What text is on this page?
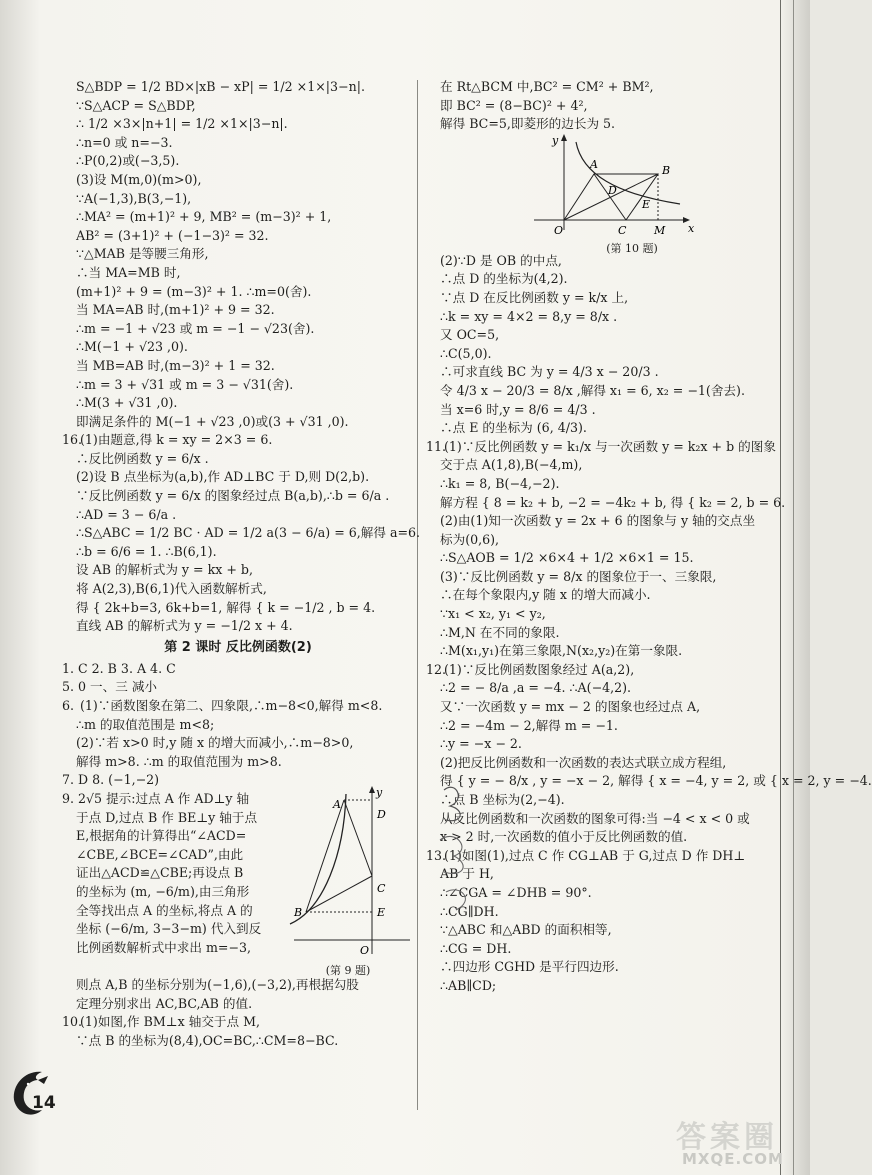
S△BDP = 1/2 BD×|xB − xP| = 1/2 ×1×|3−n|.
∵S△ACP = S△BDP,
∴ 1/2 ×3×|n+1| = 1/2 ×1×|3−n|.
∴n=0 或 n=−3.
∴P(0,2)或(−3,5).
(3)设 M(m,0)(m>0),
∵A(−1,3),B(3,−1),
∴MA² = (m+1)² + 9, MB² = (m−3)² + 1,
AB² = (3+1)² + (−1−3)² = 32.
∵△MAB 是等腰三角形,
∴当 MA=MB 时,
(m+1)² + 9 = (m−3)² + 1. ∴m=0(舍).
当 MA=AB 时,(m+1)² + 9 = 32.
∴m = −1 + √23 或 m = −1 − √23(舍).
∴M(−1 + √23 ,0).
当 MB=AB 时,(m−3)² + 1 = 32.
∴m = 3 + √31 或 m = 3 − √31(舍).
∴M(3 + √31 ,0).
即满足条件的 M(−1 + √23 ,0)或(3 + √31 ,0).
16.(1)由题意,得 k = xy = 2×3 = 6.
∴反比例函数 y = 6/x .
(2)设 B 点坐标为(a,b),作 AD⊥BC 于 D,则 D(2,b).
∵反比例函数 y = 6/x 的图象经过点 B(a,b),∴b = 6/a .
∴AD = 3 − 6/a .
∴S△ABC = 1/2 BC · AD = 1/2 a(3 − 6/a) = 6,解得 a=6.
∴b = 6/6 = 1. ∴B(6,1).
设 AB 的解析式为 y = kx + b,
将 A(2,3),B(6,1)代入函数解析式,
得 { 2k+b=3, 6k+b=1, 解得 { k = −1/2 , b = 4.
直线 AB 的解析式为 y = −1/2 x + 4.
第 2 课时 反比例函数(2)
1. C 2. B 3. A 4. C
5. 0 一、三 减小
6. (1)∵函数图象在第二、四象限,∴m−8<0,解得 m<8.
∴m 的取值范围是 m<8;
(2)∵若 x>0 时,y 随 x 的增大而减小,∴m−8>0,
解得 m>8. ∴m 的取值范围为 m>8.
7. D 8. (−1,−2)
9. 2√5 提示:过点 A 作 AD⊥y 轴
于点 D,过点 B 作 BE⊥y 轴于点
E,根据角的计算得出“∠ACD=
∠CBE,∠BCE=∠CAD”,由此
证出△ACD≌△CBE;再设点 B
的坐标为 (m, −6/m),由三角形
全等找出点 A 的坐标,将点 A 的
坐标 (−6/m, 3−3−m) 代入到反
比例函数解析式中求出 m=−3,
A
D
C
E
B
O
y
(第 9 题)
则点 A,B 的坐标分别为(−1,6),(−3,2),再根据勾股
定理分别求出 AC,BC,AB 的值.
10.(1)如图,作 BM⊥x 轴交于点 M,
∵点 B 的坐标为(8,4),OC=BC,∴CM=8−BC.
在 Rt△BCM 中,BC² = CM² + BM²,
即 BC² = (8−BC)² + 4²,
解得 BC=5,即菱形的边长为 5.
A	B
D
E
C
O	M x
y
(第 10 题)
(2)∵D 是 OB 的中点,
∴点 D 的坐标为(4,2).
∵点 D 在反比例函数 y = k/x 上,
∴k = xy = 4×2 = 8,y = 8/x .
又 OC=5,
∴C(5,0).
∴可求直线 BC 为 y = 4/3 x − 20/3 .
令 4/3 x − 20/3 = 8/x ,解得 x₁ = 6, x₂ = −1(舍去).
当 x=6 时,y = 8/6 = 4/3 .
∴点 E 的坐标为 (6, 4/3).
11.(1)∵反比例函数 y = k₁/x 与一次函数 y = k₂x + b 的图象
交于点 A(1,8),B(−4,m),
∴k₁ = 8, B(−4,−2).
解方程 { 8 = k₂ + b, −2 = −4k₂ + b, 得 { k₂ = 2, b = 6.
(2)由(1)知一次函数 y = 2x + 6 的图象与 y 轴的交点坐
标为(0,6),
∴S△AOB = 1/2 ×6×4 + 1/2 ×6×1 = 15.
(3)∵反比例函数 y = 8/x 的图象位于一、三象限,
∴在每个象限内,y 随 x 的增大而减小.
∵x₁ < x₂, y₁ < y₂,
∴M,N 在不同的象限.
∴M(x₁,y₁)在第三象限,N(x₂,y₂)在第一象限.
12.(1)∵反比例函数图象经过 A(a,2),
∴2 = − 8/a ,a = −4. ∴A(−4,2).
又∵一次函数 y = mx − 2 的图象也经过点 A,
∴2 = −4m − 2,解得 m = −1.
∴y = −x − 2.
(2)把反比例函数和一次函数的表达式联立成方程组,
得 { y = − 8/x , y = −x − 2, 解得 { x = −4, y = 2, 或 { x = 2, y = −4.
∴点 B 坐标为(2,−4).
从反比例函数和一次函数的图象可得:当 −4 < x < 0 或
x > 2 时,一次函数的值小于反比例函数的值.
13.(1)如图(1),过点 C 作 CG⊥AB 于 G,过点 D 作 DH⊥
AB 于 H,
∴∠CGA = ∠DHB = 90°.
∴CG∥DH.
∵△ABC 和△ABD 的面积相等,
∴CG = DH.
∴四边形 CGHD 是平行四边形.
∴AB∥CD;
14
答案圈
MXQE.COM
